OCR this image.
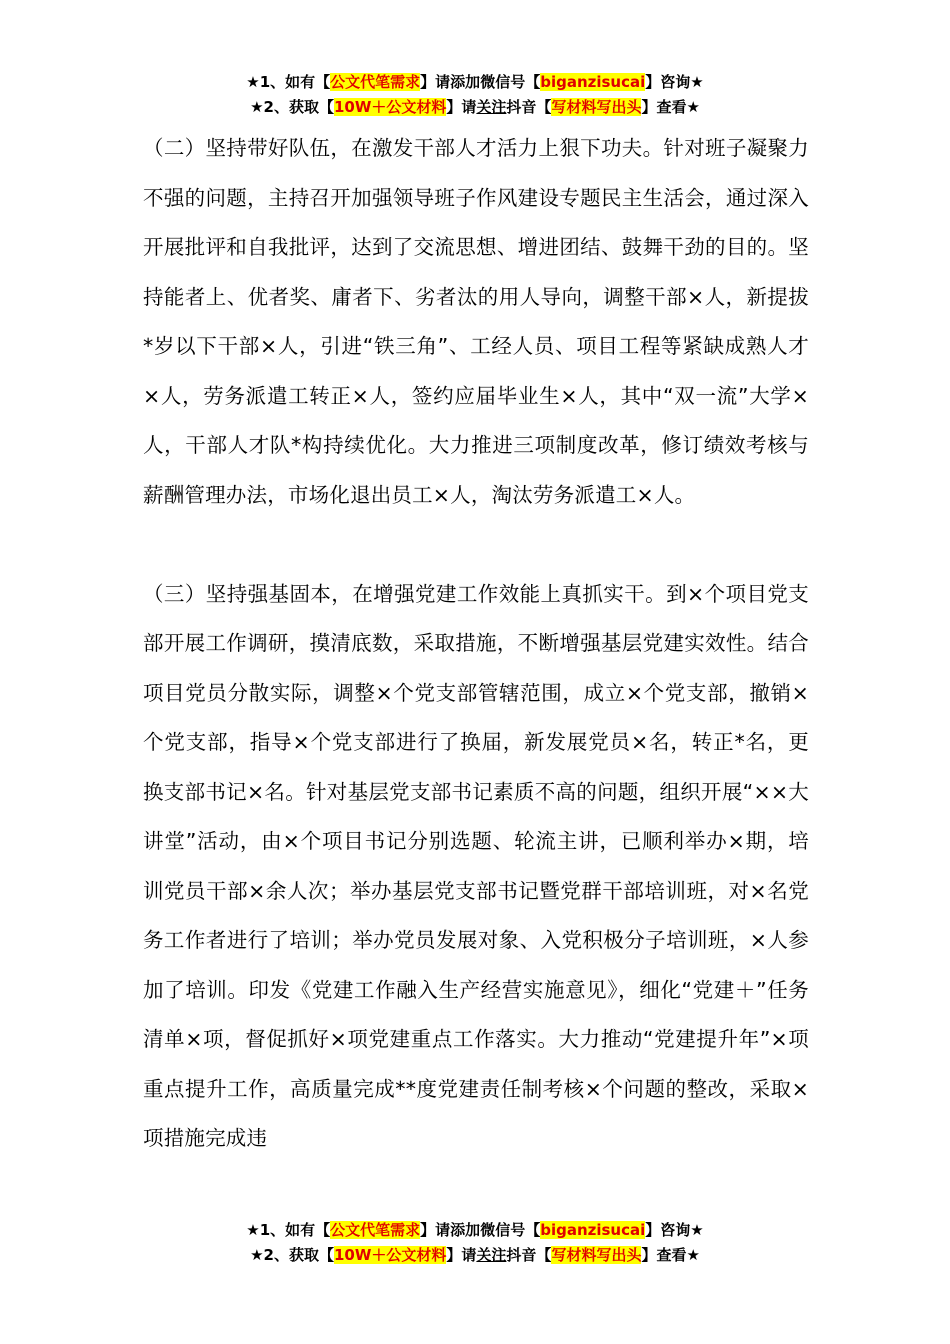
★1、如有【公文代笔需求】请添加微信号【biganzisucai】咨询★
★2、获取【10W＋公文材料】请关注抖音【写材料写出头】查看★

（二）坚持带好队伍，在激发干部人才活力上狠下功夫。针对班子凝聚力不强的问题，主持召开加强领导班子作风建设专题民主生活会，通过深入开展批评和自我批评，达到了交流思想、增进团结、鼓舞干劲的目的。坚持能者上、优者奖、庸者下、劣者汰的用人导向，调整干部×人，新提拔*岁以下干部×人，引进“铁三角”、工经人员、项目工程等紧缺成熟人才×人，劳务派遣工转正×人，签约应届毕业生×人，其中“双一流”大学×人，干部人才队*构持续优化。大力推进三项制度改革，修订绩效考核与薪酬管理办法，市场化退出员工×人，淘汰劳务派遣工×人。

（三）坚持强基固本，在增强党建工作效能上真抓实干。到×个项目党支部开展工作调研，摸清底数，采取措施，不断增强基层党建实效性。结合项目党员分散实际，调整×个党支部管辖范围，成立×个党支部，撤销×个党支部，指导×个党支部进行了换届，新发展党员×名，转正*名，更换支部书记×名。针对基层党支部书记素质不高的问题，组织开展“××大讲堂”活动，由×个项目书记分别选题、轮流主讲，已顺利举办×期，培训党员干部×余人次；举办基层党支部书记暨党群干部培训班，对×名党务工作者进行了培训；举办党员发展对象、入党积极分子培训班，×人参加了培训。印发《党建工作融入生产经营实施意见》，细化“党建＋”任务清单×项，督促抓好×项党建重点工作落实。大力推动“党建提升年”×项重点提升工作，高质量完成**度党建责任制考核×个问题的整改，采取×项措施完成违

★1、如有【公文代笔需求】请添加微信号【biganzisucai】咨询★
★2、获取【10W＋公文材料】请关注抖音【写材料写出头】查看★
